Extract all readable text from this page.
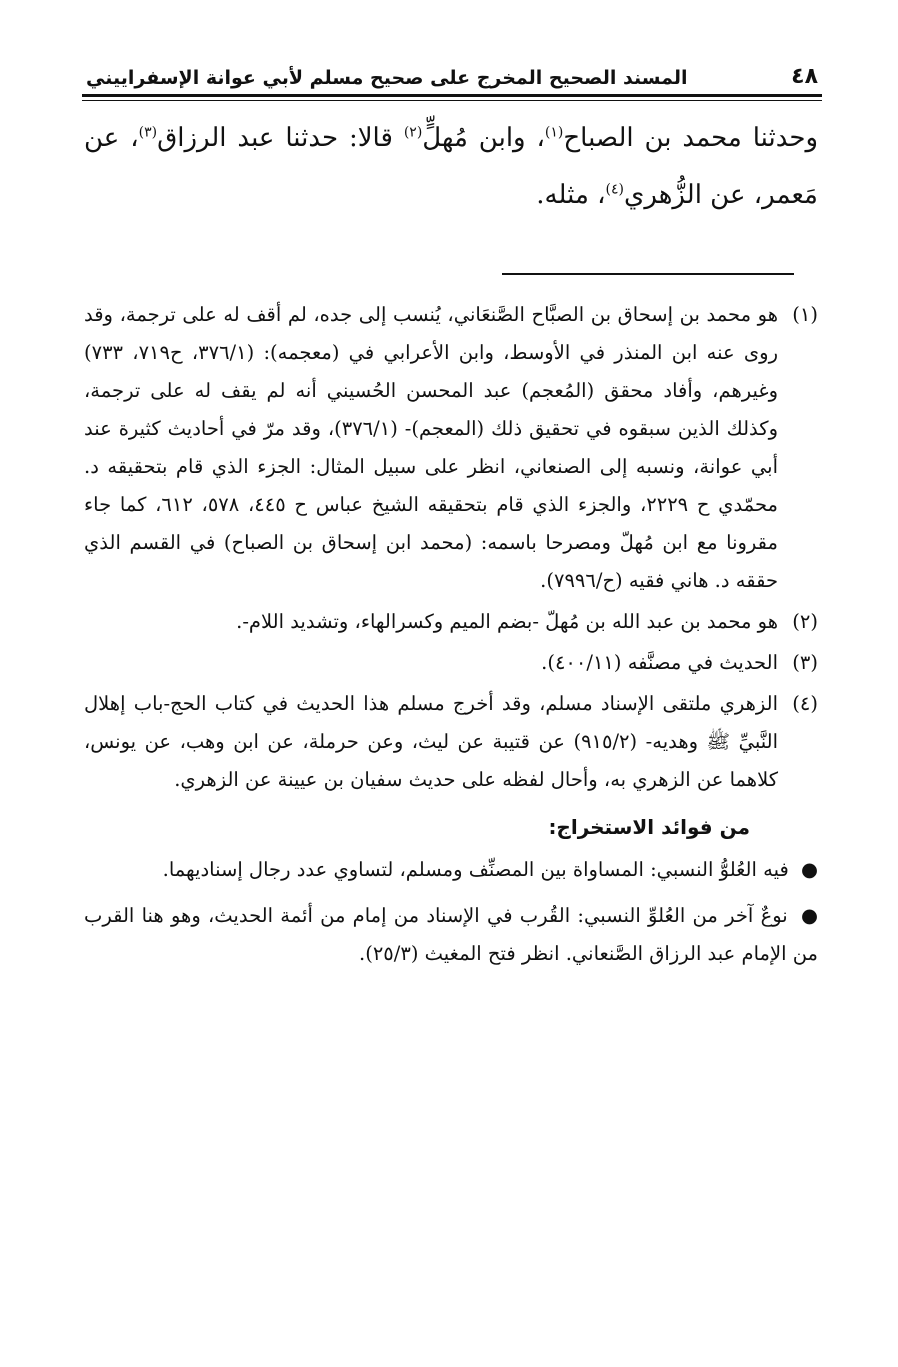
٤٨
المسند الصحيح المخرج على صحيح مسلم لأبي عوانة الإسفراييني

وحدثنا محمد بن الصباح$^{(١)}$، وابن مُهلٍّ$^{(٢)}$ قالا: حدثنا عبد الرزاق$^{(٣)}$، عن مَعمر، عن الزُّهري$^{(٤)}$، مثله.

(١)
هو محمد بن إسحاق بن الصبَّاح الصَّنعَاني، يُنسب إلى جده، لم أقف له على ترجمة، وقد روى عنه ابن المنذر في الأوسط، وابن الأعرابي في (معجمه): (٣٧٦/١، ح٧١٩، ٧٣٣) وغيرهم، وأفاد محقق (المُعجم) عبد المحسن الحُسيني أنه لم يقف له على ترجمة، وكذلك الذين سبقوه في تحقيق ذلك (المعجم)- (٣٧٦/١)، وقد مرّ في أحاديث كثيرة عند أبي عوانة، ونسبه إلى الصنعاني، انظر على سبيل المثال: الجزء الذي قام بتحقيقه د. محمّدي ح ٢٢٢٩، والجزء الذي قام بتحقيقه الشيخ عباس ح ٤٤٥، ٥٧٨، ٦١٢، كما جاء مقرونا مع ابن مُهلّ ومصرحا باسمه: (محمد ابن إسحاق بن الصباح) في القسم الذي حققه د. هاني فقيه (ح/٧٩٩٦).

(٢)
هو محمد بن عبد الله بن مُهلّ -بضم الميم وكسرالهاء، وتشديد اللام-.

(٣)
الحديث في مصنَّفه (٤٠٠/١١).

(٤)
الزهري ملتقى الإسناد مسلم، وقد أخرج مسلم هذا الحديث في كتاب الحج-باب إهلال النَّبيِّ ﷺ وهديه- (٩١٥/٢) عن قتيبة عن ليث، وعن حرملة، عن ابن وهب، عن يونس، كلاهما عن الزهري به، وأحال لفظه على حديث سفيان بن عيينة عن الزهري.

من فوائد الاستخراج:

● فيه العُلوُّ النسبي: المساواة بين المصنِّف ومسلم، لتساوي عدد رجال إسناديهما.

● نوعٌ آخر من العُلوِّ النسبي: القُرب في الإسناد من إمام من أئمة الحديث، وهو هنا القرب من الإمام عبد الرزاق الصَّنعاني. انظر فتح المغيث (٢٥/٣).
